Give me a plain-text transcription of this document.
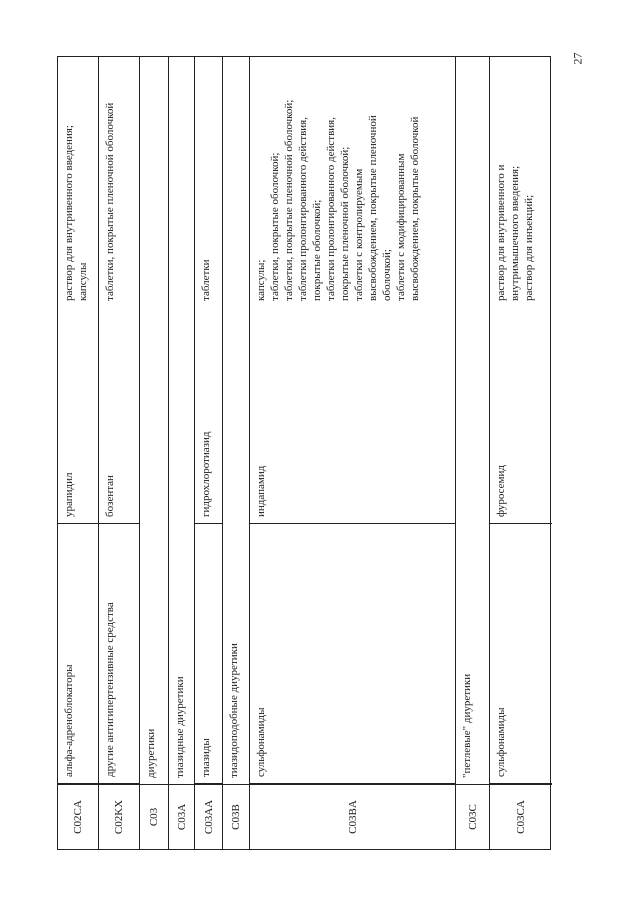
27
C02CA
альфа-адреноблокаторы
урапидил
раствор для внутривенного введения; капсулы
C02KX
другие антигипертензивные средства
бозентан
таблетки, покрытые пленочной оболочкой
C03
диуретики
C03A
тиазидные диуретики
C03AA
тиазиды
гидрохлоротиазид
таблетки
C03B
тиазидоподобные диуретики
C03BA
сульфонамиды
индапамид
капсулы; таблетки, покрытые оболочкой; таблетки, покрытые пленочной оболочкой; таблетки пролонгированного действия, покрытые оболочкой; таблетки пролонгированного действия, покрытые пленочной оболочкой; таблетки с контролируемым высвобождением, покрытые пленочной оболочкой; таблетки с модифицированным высвобождением, покрытые оболочкой
C03C
"петлевые" диуретики
C03CA
сульфонамиды
фуросемид
раствор для внутривенного и внутримышечного введения; раствор для инъекций;
